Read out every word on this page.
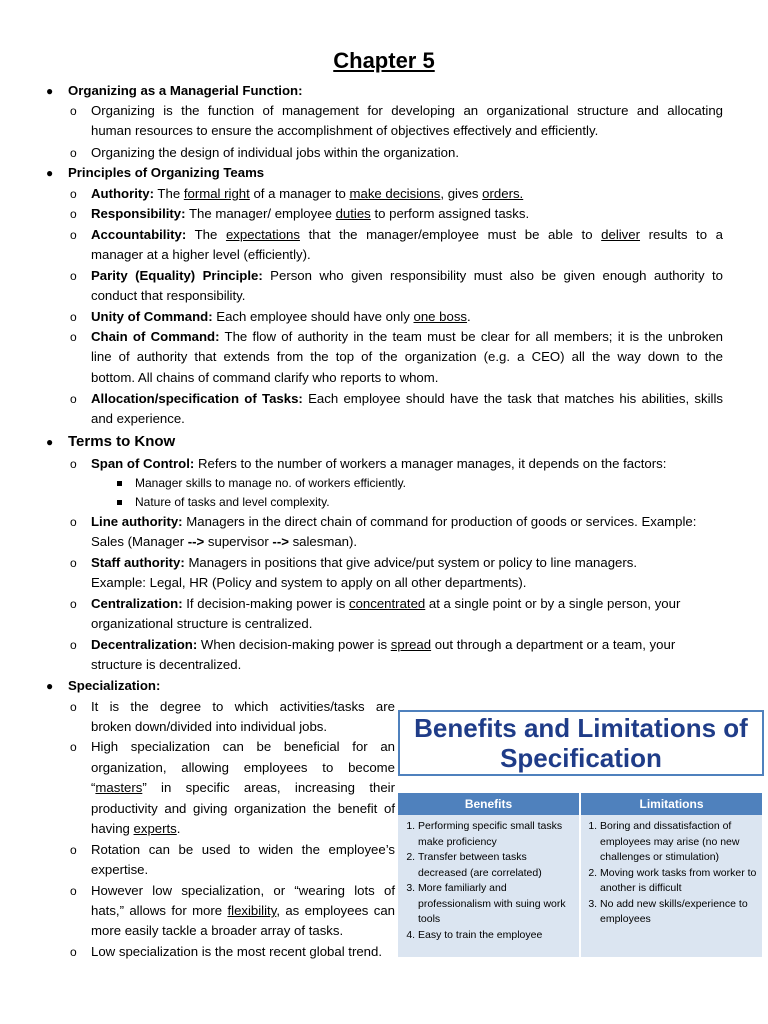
Chapter 5
● Organizing as a Managerial Function:
o Organizing is the function of management for developing an organizational structure and allocating
human resources to ensure the accomplishment of objectives effectively and efficiently.
o Organizing the design of individual jobs within the organization.
● Principles of Organizing Teams
o Authority: The formal right of a manager to make decisions, gives orders.
o Responsibility: The manager/ employee duties to perform assigned tasks.
o Accountability: The expectations that the manager/employee must be able to deliver results to a
manager at a higher level (efficiently).
o Parity (Equality) Principle: Person who given responsibility must also be given enough authority to
conduct that responsibility.
o Unity of Command: Each employee should have only one boss.
o Chain of Command: The flow of authority in the team must be clear for all members; it is the unbroken
line of authority that extends from the top of the organization (e.g. a CEO) all the way down to the
bottom. All chains of command clarify who reports to whom.
o Allocation/specification of Tasks: Each employee should have the task that matches his abilities, skills
and experience.
● Terms to Know
o Span of Control: Refers to the number of workers a manager manages, it depends on the factors:
Manager skills to manage no. of workers efficiently.
Nature of tasks and level complexity.
o Line authority: Managers in the direct chain of command for production of goods or services. Example:
Sales (Manager --> supervisor --> salesman).
o Staff authority: Managers in positions that give advice/put system or policy to line managers.
Example: Legal, HR (Policy and system to apply on all other departments).
o Centralization: If decision-making power is concentrated at a single point or by a single person, your
organizational structure is centralized.
o Decentralization: When decision-making power is spread out through a department or a team, your
structure is decentralized.
● Specialization:
o It is the degree to which activities/tasks are
broken down/divided into individual jobs.
o High specialization can be beneficial for an
organization, allowing employees to become
“masters” in specific areas, increasing their
productivity and giving organization the benefit of
having experts.
o Rotation can be used to widen the employee’s
expertise.
o However low specialization, or “wearing lots of
hats,” allows for more flexibility, as employees can
more easily tackle a broader array of tasks.
o Low specialization is the most recent global trend.
Benefits and Limitations of
Specification
Benefits	Limitations
1. Performing specific small tasks make proficiency
2. Transfer between tasks decreased (are correlated)
3. More familiarly and professionalism with suing work tools
4. Easy to train the employee
1. Boring and dissatisfaction of employees may arise (no new challenges or stimulation)
2. Moving work tasks from worker to another is difficult
3. No add new skills/experience to employees
